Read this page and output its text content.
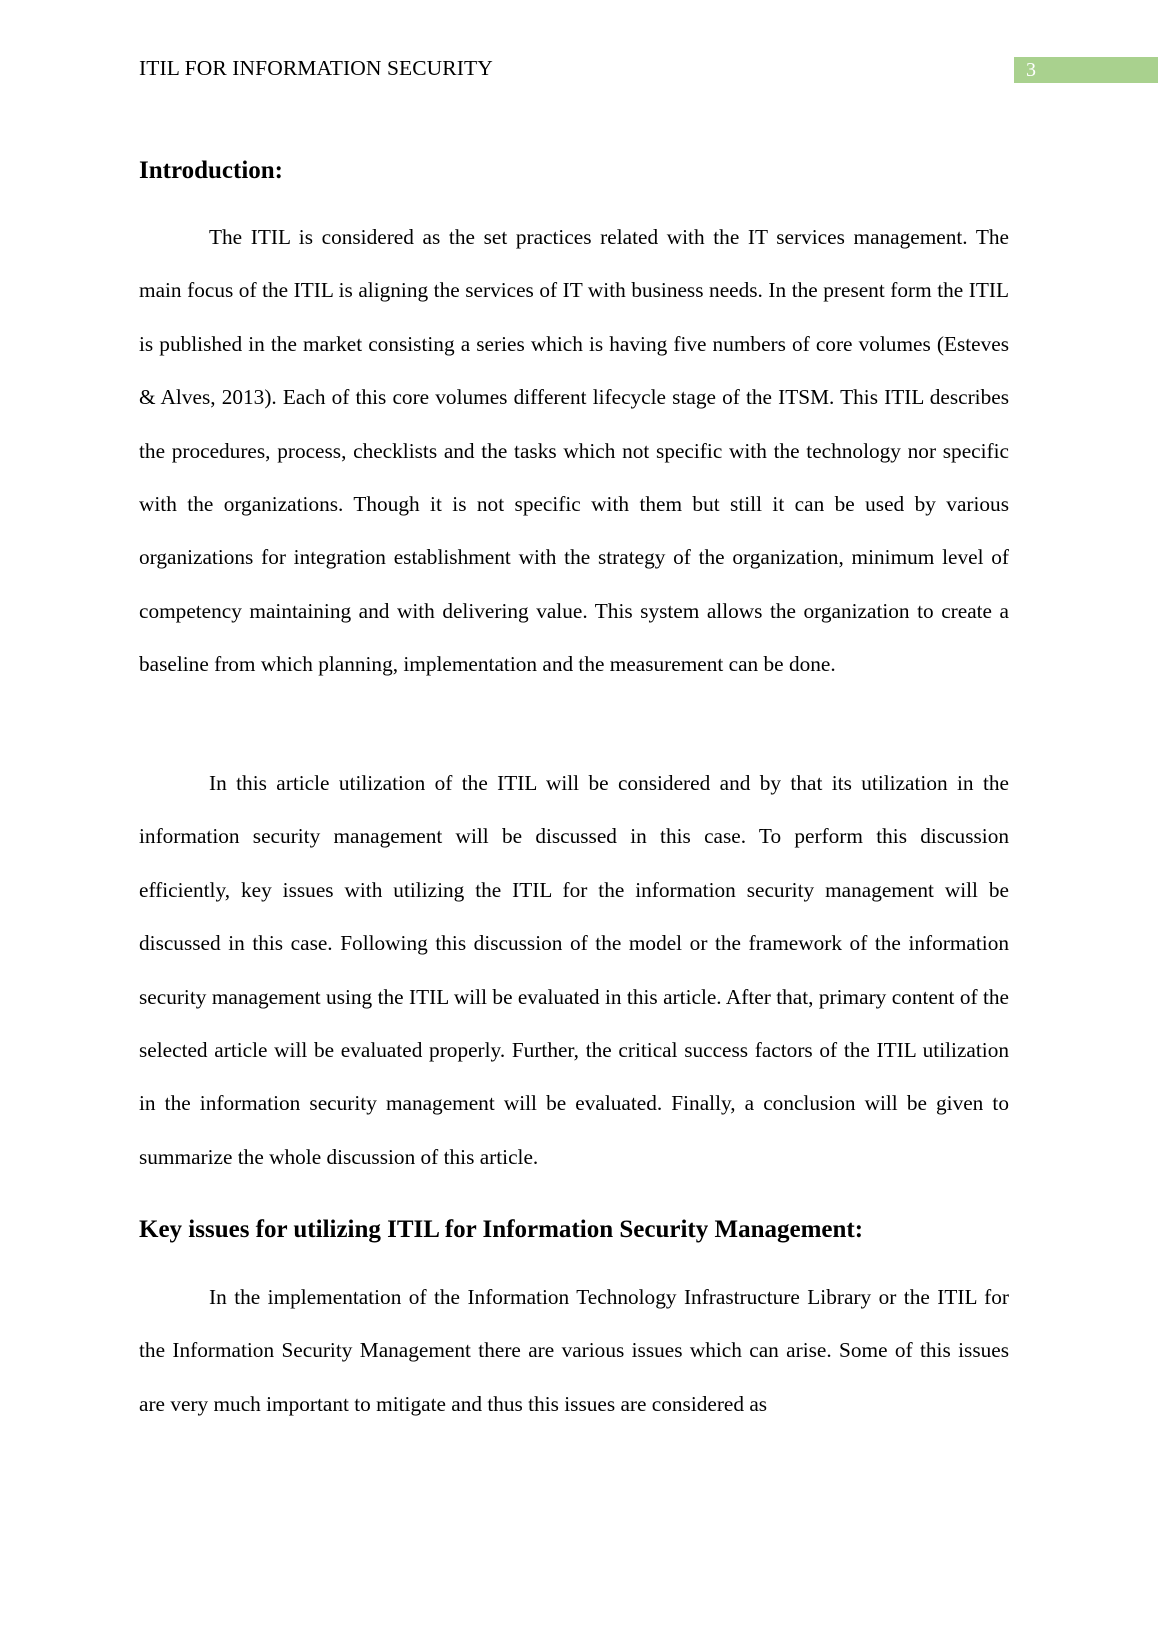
ITIL FOR INFORMATION SECURITY	3
Introduction:

The ITIL is considered as the set practices related with the IT services management. The main focus of the ITIL is aligning the services of IT with business needs. In the present form the ITIL is published in the market consisting a series which is having five numbers of core volumes (Esteves & Alves, 2013). Each of this core volumes different lifecycle stage of the ITSM. This ITIL describes the procedures, process, checklists and the tasks which not specific with the technology nor specific with the organizations. Though it is not specific with them but still it can be used by various organizations for integration establishment with the strategy of the organization, minimum level of competency maintaining and with delivering value. This system allows the organization to create a baseline from which planning, implementation and the measurement can be done.

In this article utilization of the ITIL will be considered and by that its utilization in the information security management will be discussed in this case. To perform this discussion efficiently, key issues with utilizing the ITIL for the information security management will be discussed in this case. Following this discussion of the model or the framework of the information security management using the ITIL will be evaluated in this article. After that, primary content of the selected article will be evaluated properly. Further, the critical success factors of the ITIL utilization in the information security management will be evaluated. Finally, a conclusion will be given to summarize the whole discussion of this article.

Key issues for utilizing ITIL for Information Security Management:

In the implementation of the Information Technology Infrastructure Library or the ITIL for the Information Security Management there are various issues which can arise. Some of this issues are very much important to mitigate and thus this issues are considered as
